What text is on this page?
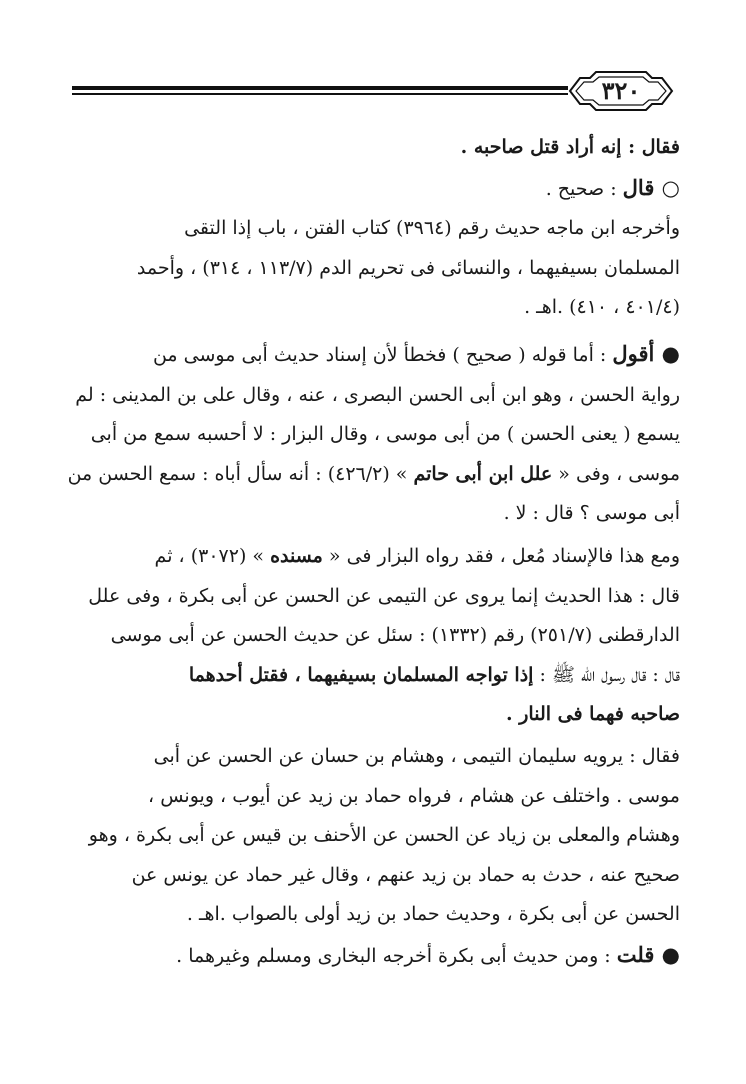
٣٢٠
فقال : إنه أراد قتل صاحبه .
○ قال : صحيح .
وأخرجه ابن ماجه حديث رقم (٣٩٦٤) كتاب الفتن ، باب إذا التقى
المسلمان بسيفيهما ، والنسائى فى تحريم الدم (١١٣/٧ ، ٣١٤) ، وأحمد
(٤٠١/٤ ، ٤١٠) .اهـ .
● أقول : أما قوله ( صحيح ) فخطأ لأن إسناد حديث أبى موسى من
رواية الحسن ، وهو ابن أبى الحسن البصرى ، عنه ، وقال على بن المدينى : لم
يسمع ( يعنى الحسن ) من أبى موسى ، وقال البزار : لا أحسبه سمع من أبى
موسى ، وفى « علل ابن أبى حاتم » (٤٢٦/٢) : أنه سأل أباه : سمع الحسن من
أبى موسى ؟ قال : لا .
ومع هذا فالإسناد مُعل ، فقد رواه البزار فى « مسنده » (٣٠٧٢) ، ثم
قال : هذا الحديث إنما يروى عن التيمى عن الحسن عن أبى بكرة ، وفى علل
الدارقطنى (٢٥١/٧) رقم (١٣٣٢) : سئل عن حديث الحسن عن أبى موسى
قال : قال رسول الله ﷺ : إذا تواجه المسلمان بسيفيهما ، فقتل أحدهما
صاحبه فهما فى النار .
فقال : يرويه سليمان التيمى ، وهشام بن حسان عن الحسن عن أبى
موسى . واختلف عن هشام ، فرواه حماد بن زيد عن أيوب ، ويونس ،
وهشام والمعلى بن زياد عن الحسن عن الأحنف بن قيس عن أبى بكرة ، وهو
صحيح عنه ، حدث به حماد بن زيد عنهم ، وقال غير حماد عن يونس عن
الحسن عن أبى بكرة ، وحديث حماد بن زيد أولى بالصواب .اهـ .
● قلت : ومن حديث أبى بكرة أخرجه البخارى ومسلم وغيرهما .
